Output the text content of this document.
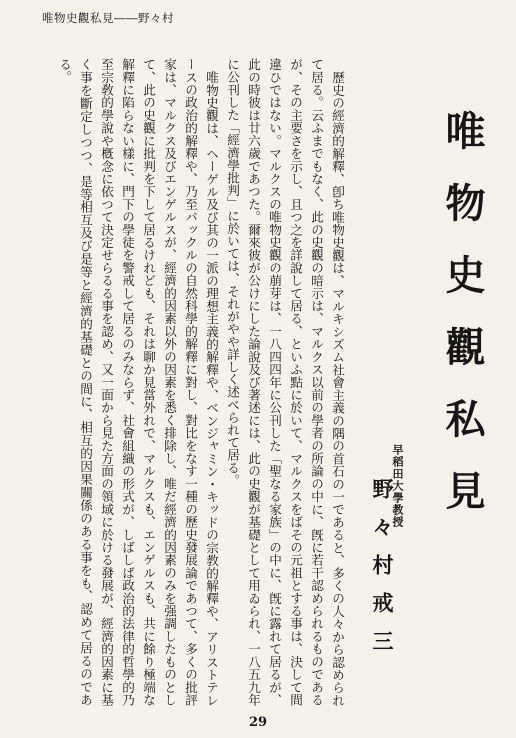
唯物史觀私見――野々村
唯物史觀私見
早稻田大學教授
野々村戒三

歷史の經濟的解釋、卽ち唯物史觀は、マルキシズム社會主義の隅の首石の一であると、多くの人々から認められて居る。云ふまでもなく、此の史觀の暗示は、マルクス以前の學者の所論の中に、旣に若干認められるものであるが、その主要さを示し、且つ之を詳說して居る、といふ點に於いて、マルクスをばその元祖とする事は、決して間違ひではない。マルクスの唯物史觀の萠芽は、一八四四年に公刊した「聖なる家族」の中に、旣に露れて居るが、此の時彼は廿六歲であつた。爾來彼が公けにした論說及び著述には、此の史觀が基礎として用ゐられ、一八五九年に公刊した「經濟學批判」に於いては、それがやや詳しく述べられて居る。

唯物史觀は、ヘーゲル及び其の一派の理想主義的解釋や、ベンジャミン・キッドの宗教的解釋や、アリストテレースの政治的解釋や、乃至バックルの自然科學的解釋に對し、對比をなす一種の歷史發展論であつて、多くの批評家は、マルクス及びエンゲルスが、經濟的因素以外の因素を悉く排除し、唯だ經濟的因素のみを强調したものとして、此の史觀に批判を下して居るけれども、それは聊か見當外れで、マルクスも、エンゲルスも、共に餘り極端な解釋に陷らない樣に、門下の學徒を警戒して居るのみならず、社會組織の形式が、しばしば政治的法律的哲學的乃至宗敎的學說や槪念に依つて決定せらるる事を認め、又一面から見た方面の領域に於ける發展が、經濟的因素に基く事を斷定しつつ、是等相互及び是等と經濟的基礎との間に、相互的因果關係のある事をも、認めて居るのである。

29
